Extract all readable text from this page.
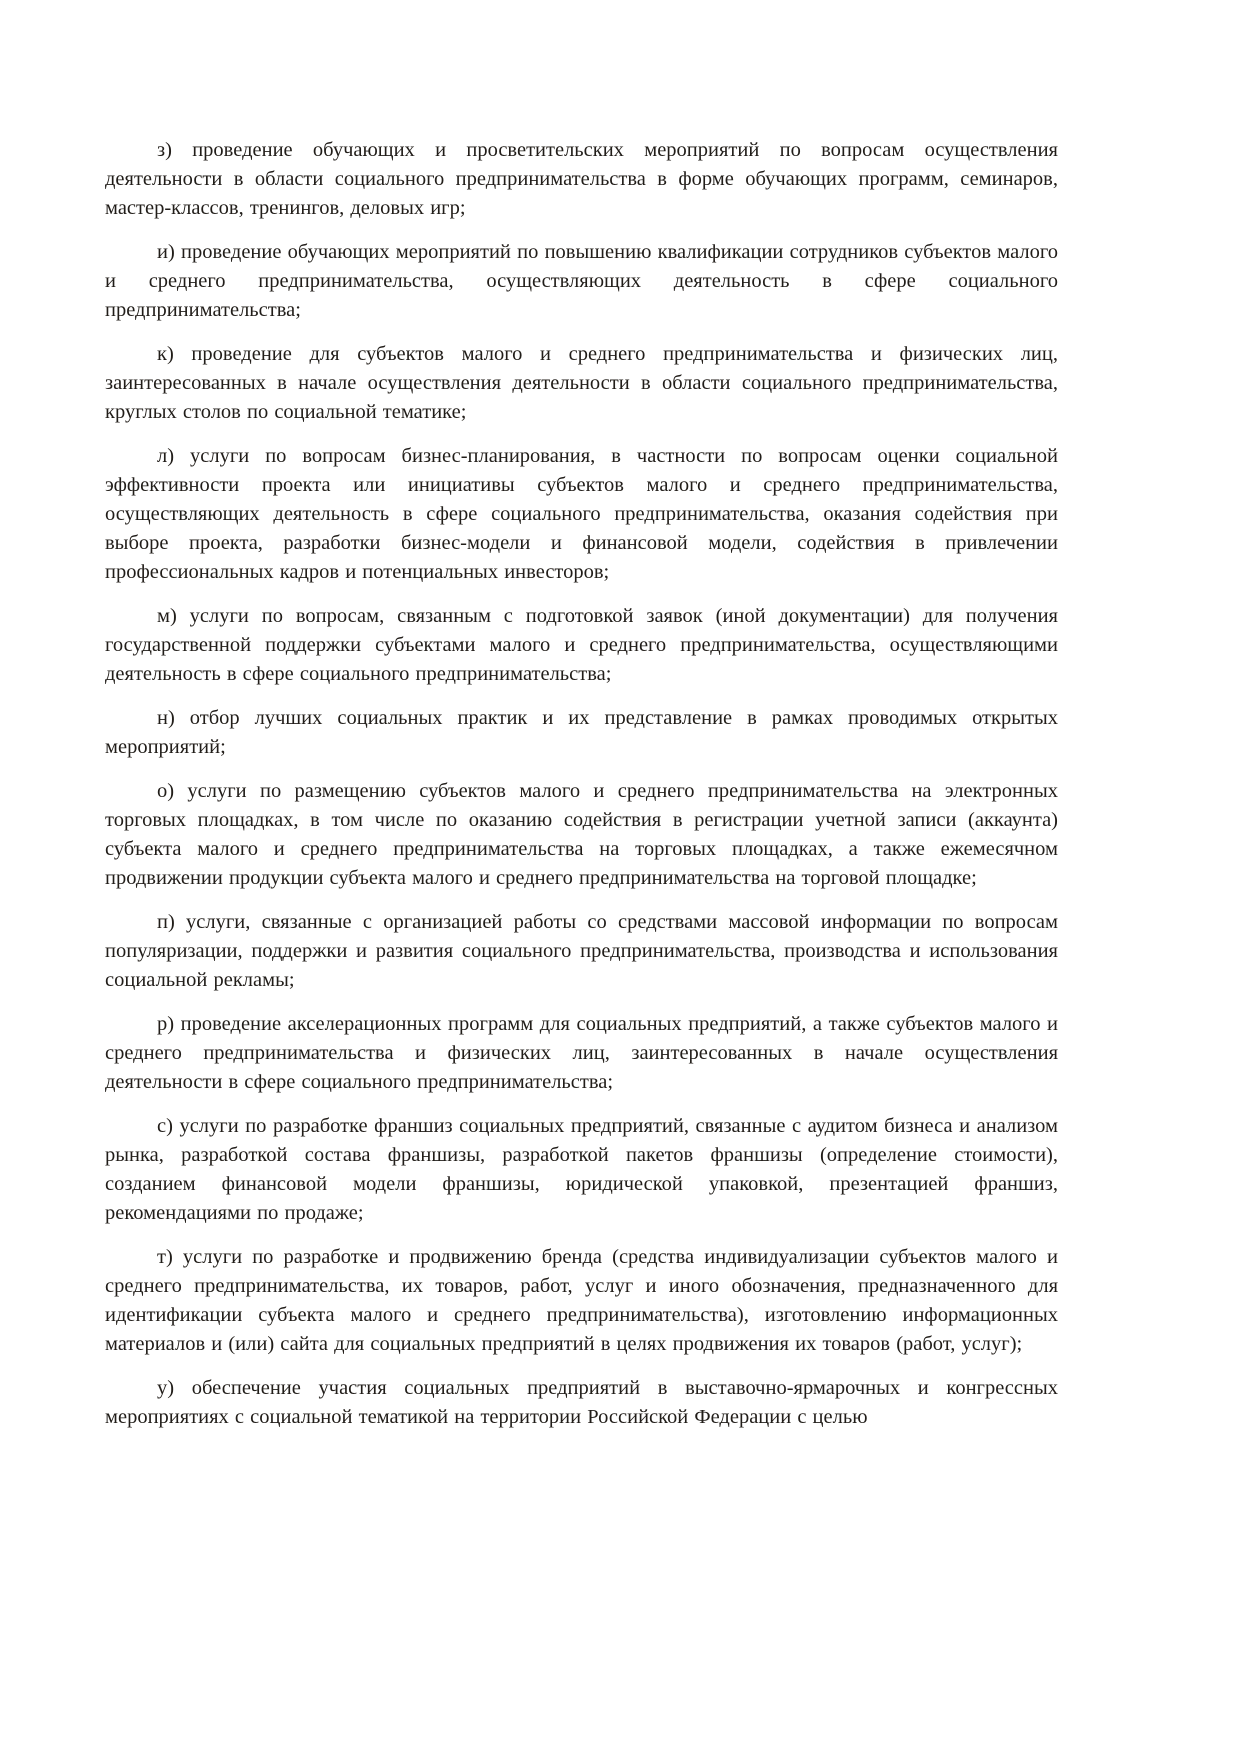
з) проведение обучающих и просветительских мероприятий по вопросам осуществления деятельности в области социального предпринимательства в форме обучающих программ, семинаров, мастер-классов, тренингов, деловых игр;

и) проведение обучающих мероприятий по повышению квалификации сотрудников субъектов малого и среднего предпринимательства, осуществляющих деятельность в сфере социального предпринимательства;

к) проведение для субъектов малого и среднего предпринимательства и физических лиц, заинтересованных в начале осуществления деятельности в области социального предпринимательства, круглых столов по социальной тематике;

л) услуги по вопросам бизнес-планирования, в частности по вопросам оценки социальной эффективности проекта или инициативы субъектов малого и среднего предпринимательства, осуществляющих деятельность в сфере социального предпринимательства, оказания содействия при выборе проекта, разработки бизнес-модели и финансовой модели, содействия в привлечении профессиональных кадров и потенциальных инвесторов;

м) услуги по вопросам, связанным с подготовкой заявок (иной документации) для получения государственной поддержки субъектами малого и среднего предпринимательства, осуществляющими деятельность в сфере социального предпринимательства;

н) отбор лучших социальных практик и их представление в рамках проводимых открытых мероприятий;

о) услуги по размещению субъектов малого и среднего предпринимательства на электронных торговых площадках, в том числе по оказанию содействия в регистрации учетной записи (аккаунта) субъекта малого и среднего предпринимательства на торговых площадках, а также ежемесячном продвижении продукции субъекта малого и среднего предпринимательства на торговой площадке;

п) услуги, связанные с организацией работы со средствами массовой информации по вопросам популяризации, поддержки и развития социального предпринимательства, производства и использования социальной рекламы;

р) проведение акселерационных программ для социальных предприятий, а также субъектов малого и среднего предпринимательства и физических лиц, заинтересованных в начале осуществления деятельности в сфере социального предпринимательства;

с) услуги по разработке франшиз социальных предприятий, связанные с аудитом бизнеса и анализом рынка, разработкой состава франшизы, разработкой пакетов франшизы (определение стоимости), созданием финансовой модели франшизы, юридической упаковкой, презентацией франшиз, рекомендациями по продаже;

т) услуги по разработке и продвижению бренда (средства индивидуализации субъектов малого и среднего предпринимательства, их товаров, работ, услуг и иного обозначения, предназначенного для идентификации субъекта малого и среднего предпринимательства), изготовлению информационных материалов и (или) сайта для социальных предприятий в целях продвижения их товаров (работ, услуг);

у) обеспечение участия социальных предприятий в выставочно-ярмарочных и конгрессных мероприятиях с социальной тематикой на территории Российской Федерации с целью
